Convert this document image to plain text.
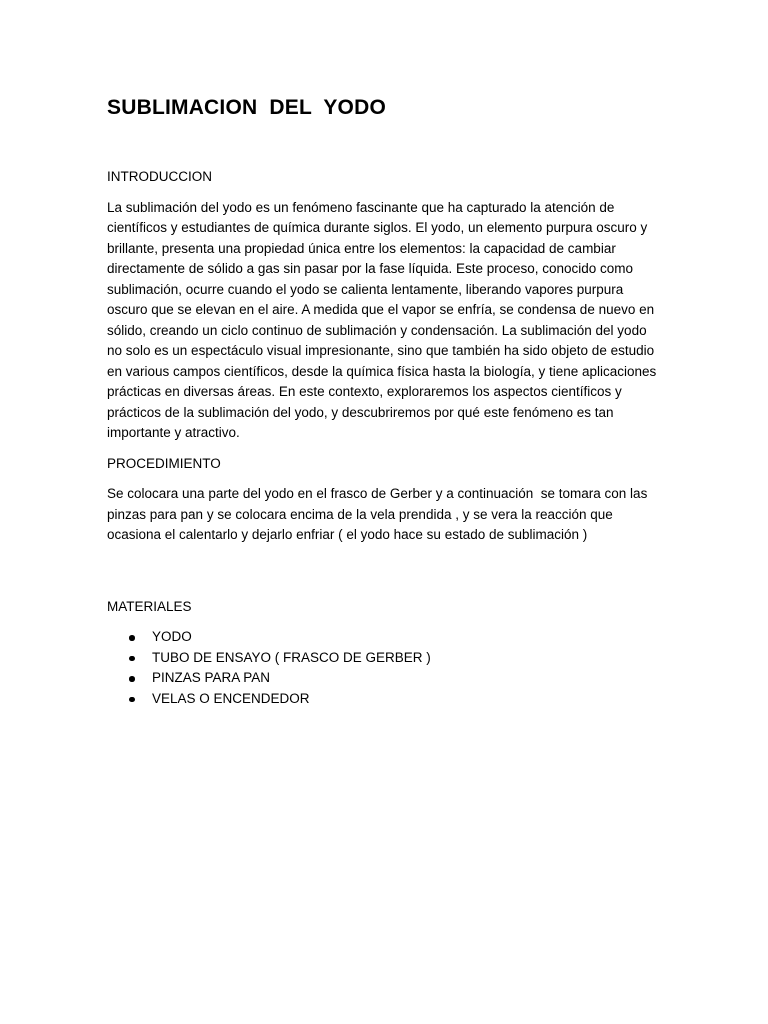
SUBLIMACION  DEL  YODO

INTRODUCCION

La sublimación del yodo es un fenómeno fascinante que ha capturado la atención de científicos y estudiantes de química durante siglos. El yodo, un elemento purpura oscuro y brillante, presenta una propiedad única entre los elementos: la capacidad de cambiar directamente de sólido a gas sin pasar por la fase líquida. Este proceso, conocido como sublimación, ocurre cuando el yodo se calienta lentamente, liberando vapores purpura oscuro que se elevan en el aire. A medida que el vapor se enfría, se condensa de nuevo en sólido, creando un ciclo continuo de sublimación y condensación. La sublimación del yodo no solo es un espectáculo visual impresionante, sino que también ha sido objeto de estudio en various campos científicos, desde la química física hasta la biología, y tiene aplicaciones prácticas en diversas áreas. En este contexto, exploraremos los aspectos científicos y prácticos de la sublimación del yodo, y descubriremos por qué este fenómeno es tan importante y atractivo.

PROCEDIMIENTO

Se colocara una parte del yodo en el frasco de Gerber y a continuación  se tomara con las pinzas para pan y se colocara encima de la vela prendida , y se vera la reacción que ocasiona el calentarlo y dejarlo enfriar ( el yodo hace su estado de sublimación )

MATERIALES

YODO
TUBO DE ENSAYO ( FRASCO DE GERBER )
PINZAS PARA PAN
VELAS O ENCENDEDOR
